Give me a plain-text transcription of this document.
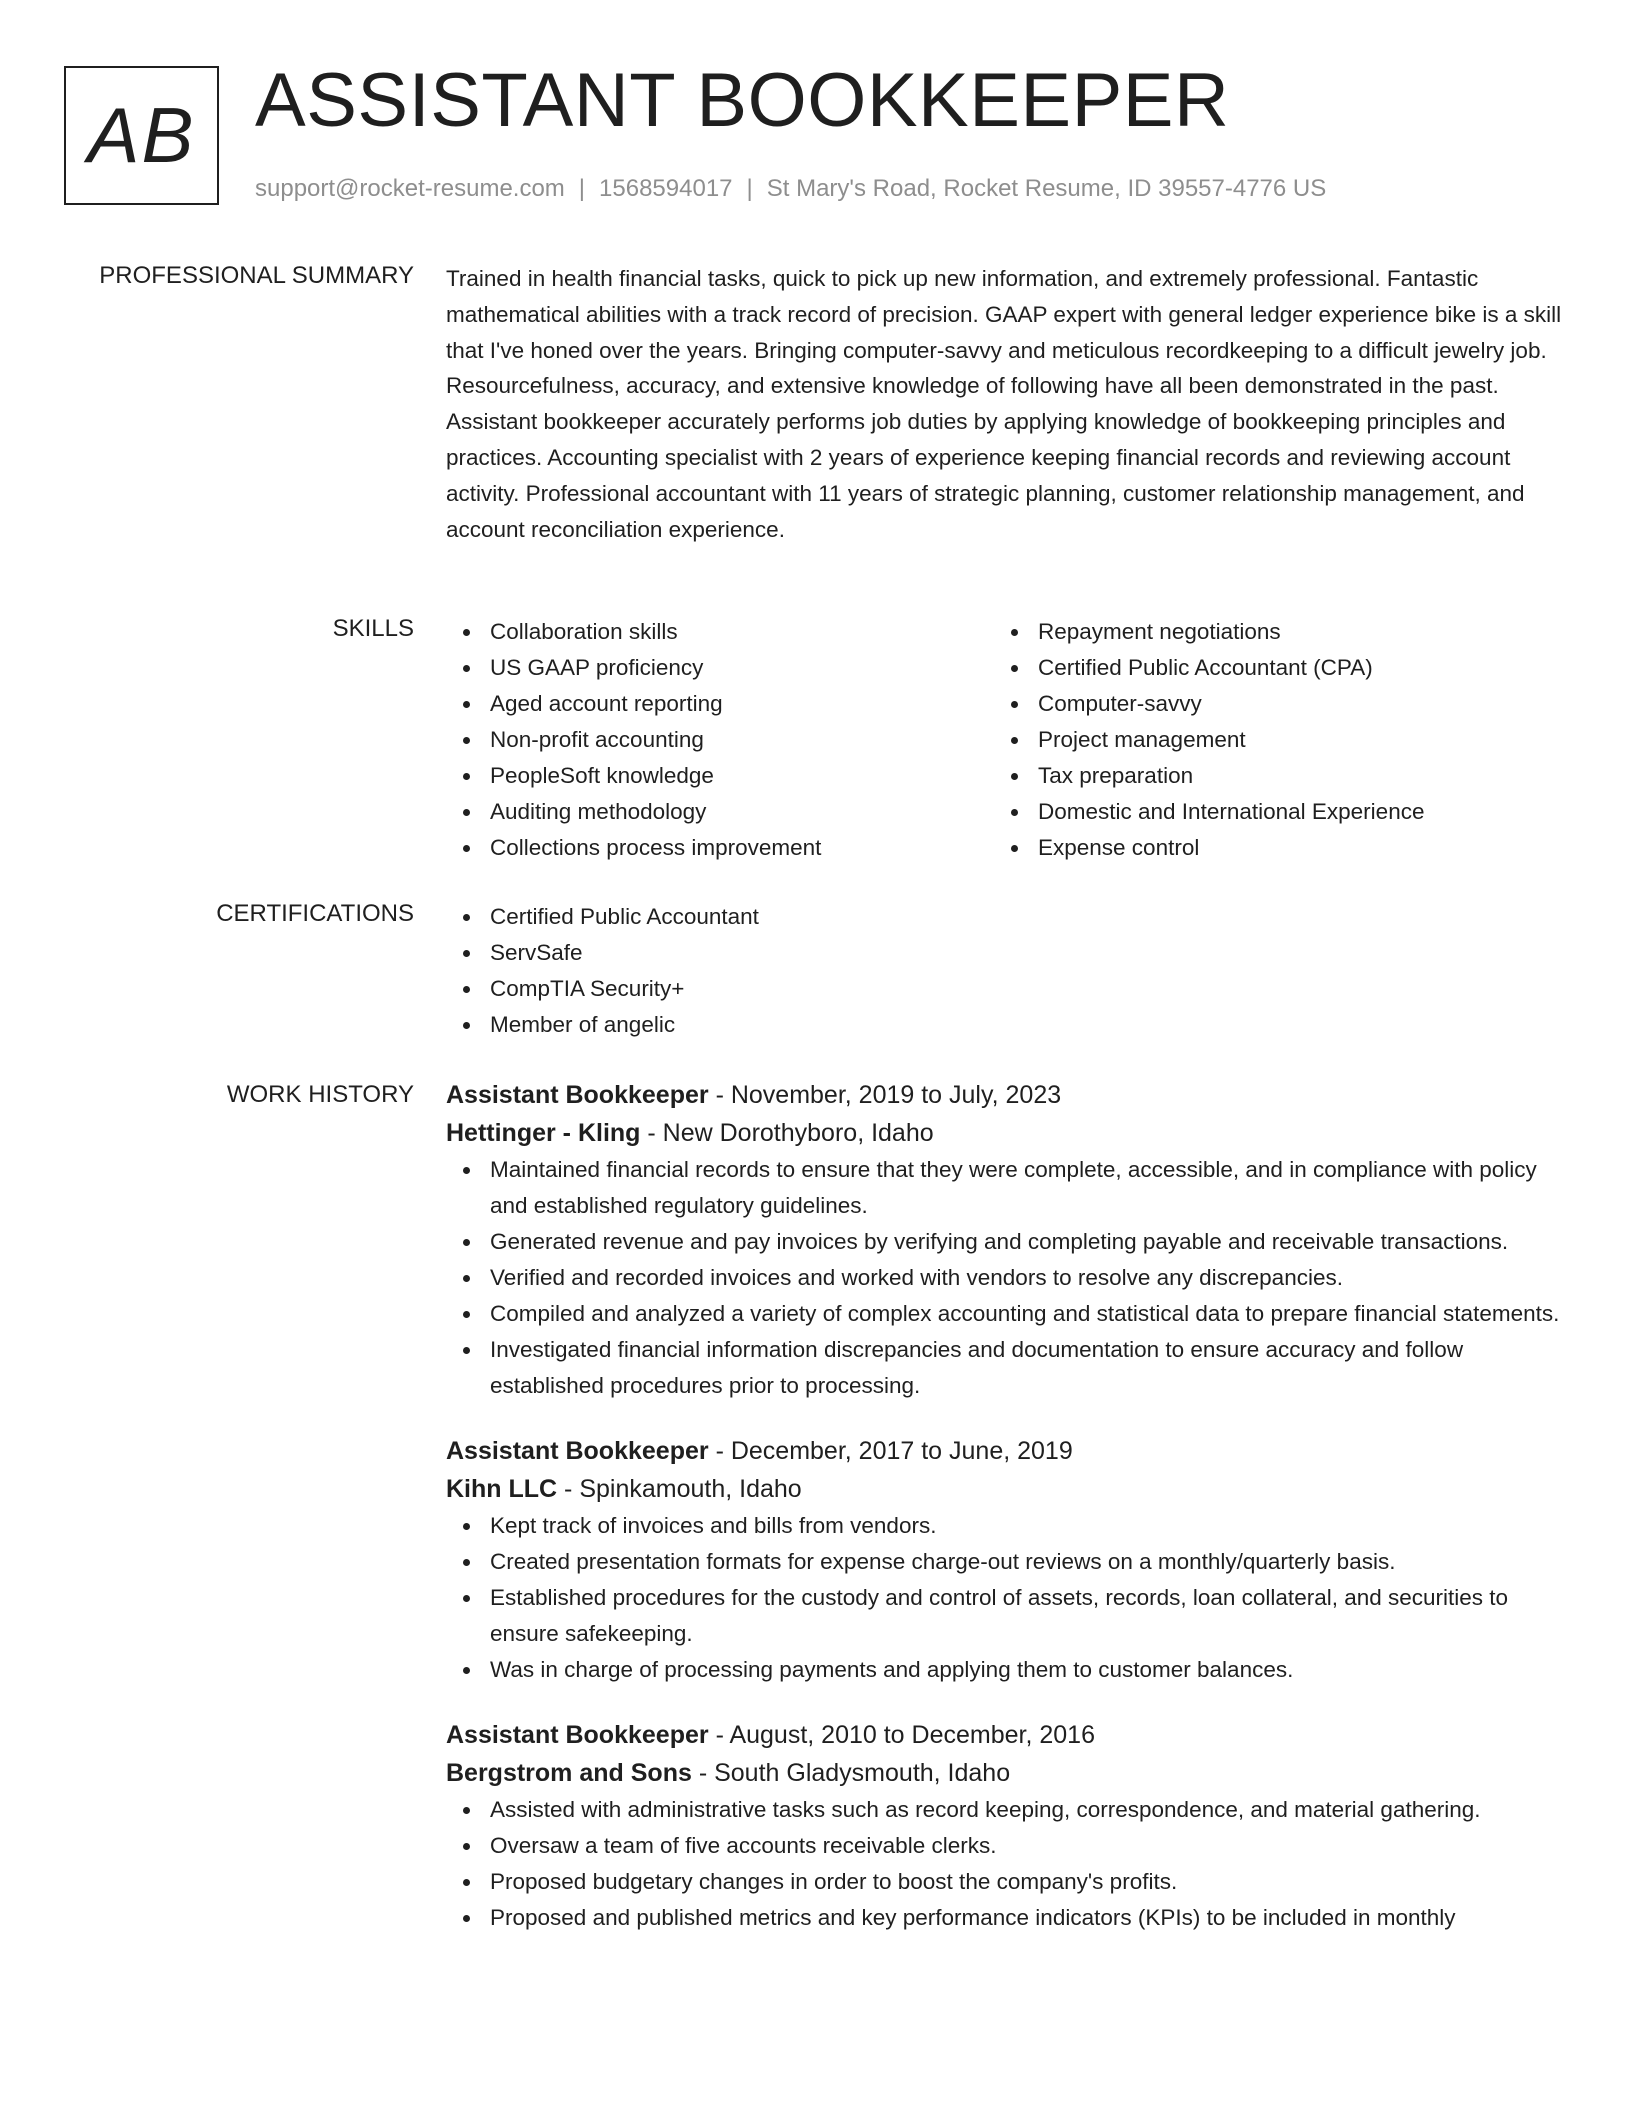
AB ASSISTANT BOOKKEEPER
support@rocket-resume.com | 1568594017 | St Mary's Road, Rocket Resume, ID 39557-4776 US
PROFESSIONAL SUMMARY Trained in health financial tasks, quick to pick up new information, and extremely professional. Fantastic mathematical abilities with a track record of precision. GAAP expert with general ledger experience bike is a skill that I've honed over the years. Bringing computer-savvy and meticulous recordkeeping to a difficult jewelry job. Resourcefulness, accuracy, and extensive knowledge of following have all been demonstrated in the past. Assistant bookkeeper accurately performs job duties by applying knowledge of bookkeeping principles and practices. Accounting specialist with 2 years of experience keeping financial records and reviewing account activity. Professional accountant with 11 years of strategic planning, customer relationship management, and account reconciliation experience.

SKILLS	Collaboration skills
US GAAP proficiency
Aged account reporting
Non-profit accounting
PeopleSoft knowledge
Auditing methodology
Collections process improvement
Repayment negotiations
Certified Public Accountant (CPA)
Computer-savvy
Project management
Tax preparation
Domestic and International Experience
Expense control
CERTIFICATIONS	Certified Public Accountant
ServSafe
CompTIA Security+
Member of angelic
WORK HISTORY Assistant Bookkeeper - November, 2019 to July, 2023
Hettinger - Kling - New Dorothyboro, Idaho
Maintained financial records to ensure that they were complete, accessible, and in compliance with policy and established regulatory guidelines.
Generated revenue and pay invoices by verifying and completing payable and receivable transactions.
Verified and recorded invoices and worked with vendors to resolve any discrepancies.
Compiled and analyzed a variety of complex accounting and statistical data to prepare financial statements.
Investigated financial information discrepancies and documentation to ensure accuracy and follow established procedures prior to processing.
Assistant Bookkeeper - December, 2017 to June, 2019
Kihn LLC - Spinkamouth, Idaho
Kept track of invoices and bills from vendors.
Created presentation formats for expense charge-out reviews on a monthly/quarterly basis.
Established procedures for the custody and control of assets, records, loan collateral, and securities to ensure safekeeping.
Was in charge of processing payments and applying them to customer balances.
Assistant Bookkeeper - August, 2010 to December, 2016
Bergstrom and Sons - South Gladysmouth, Idaho
Assisted with administrative tasks such as record keeping, correspondence, and material gathering.
Oversaw a team of five accounts receivable clerks.
Proposed budgetary changes in order to boost the company's profits.
Proposed and published metrics and key performance indicators (KPIs) to be included in monthly
